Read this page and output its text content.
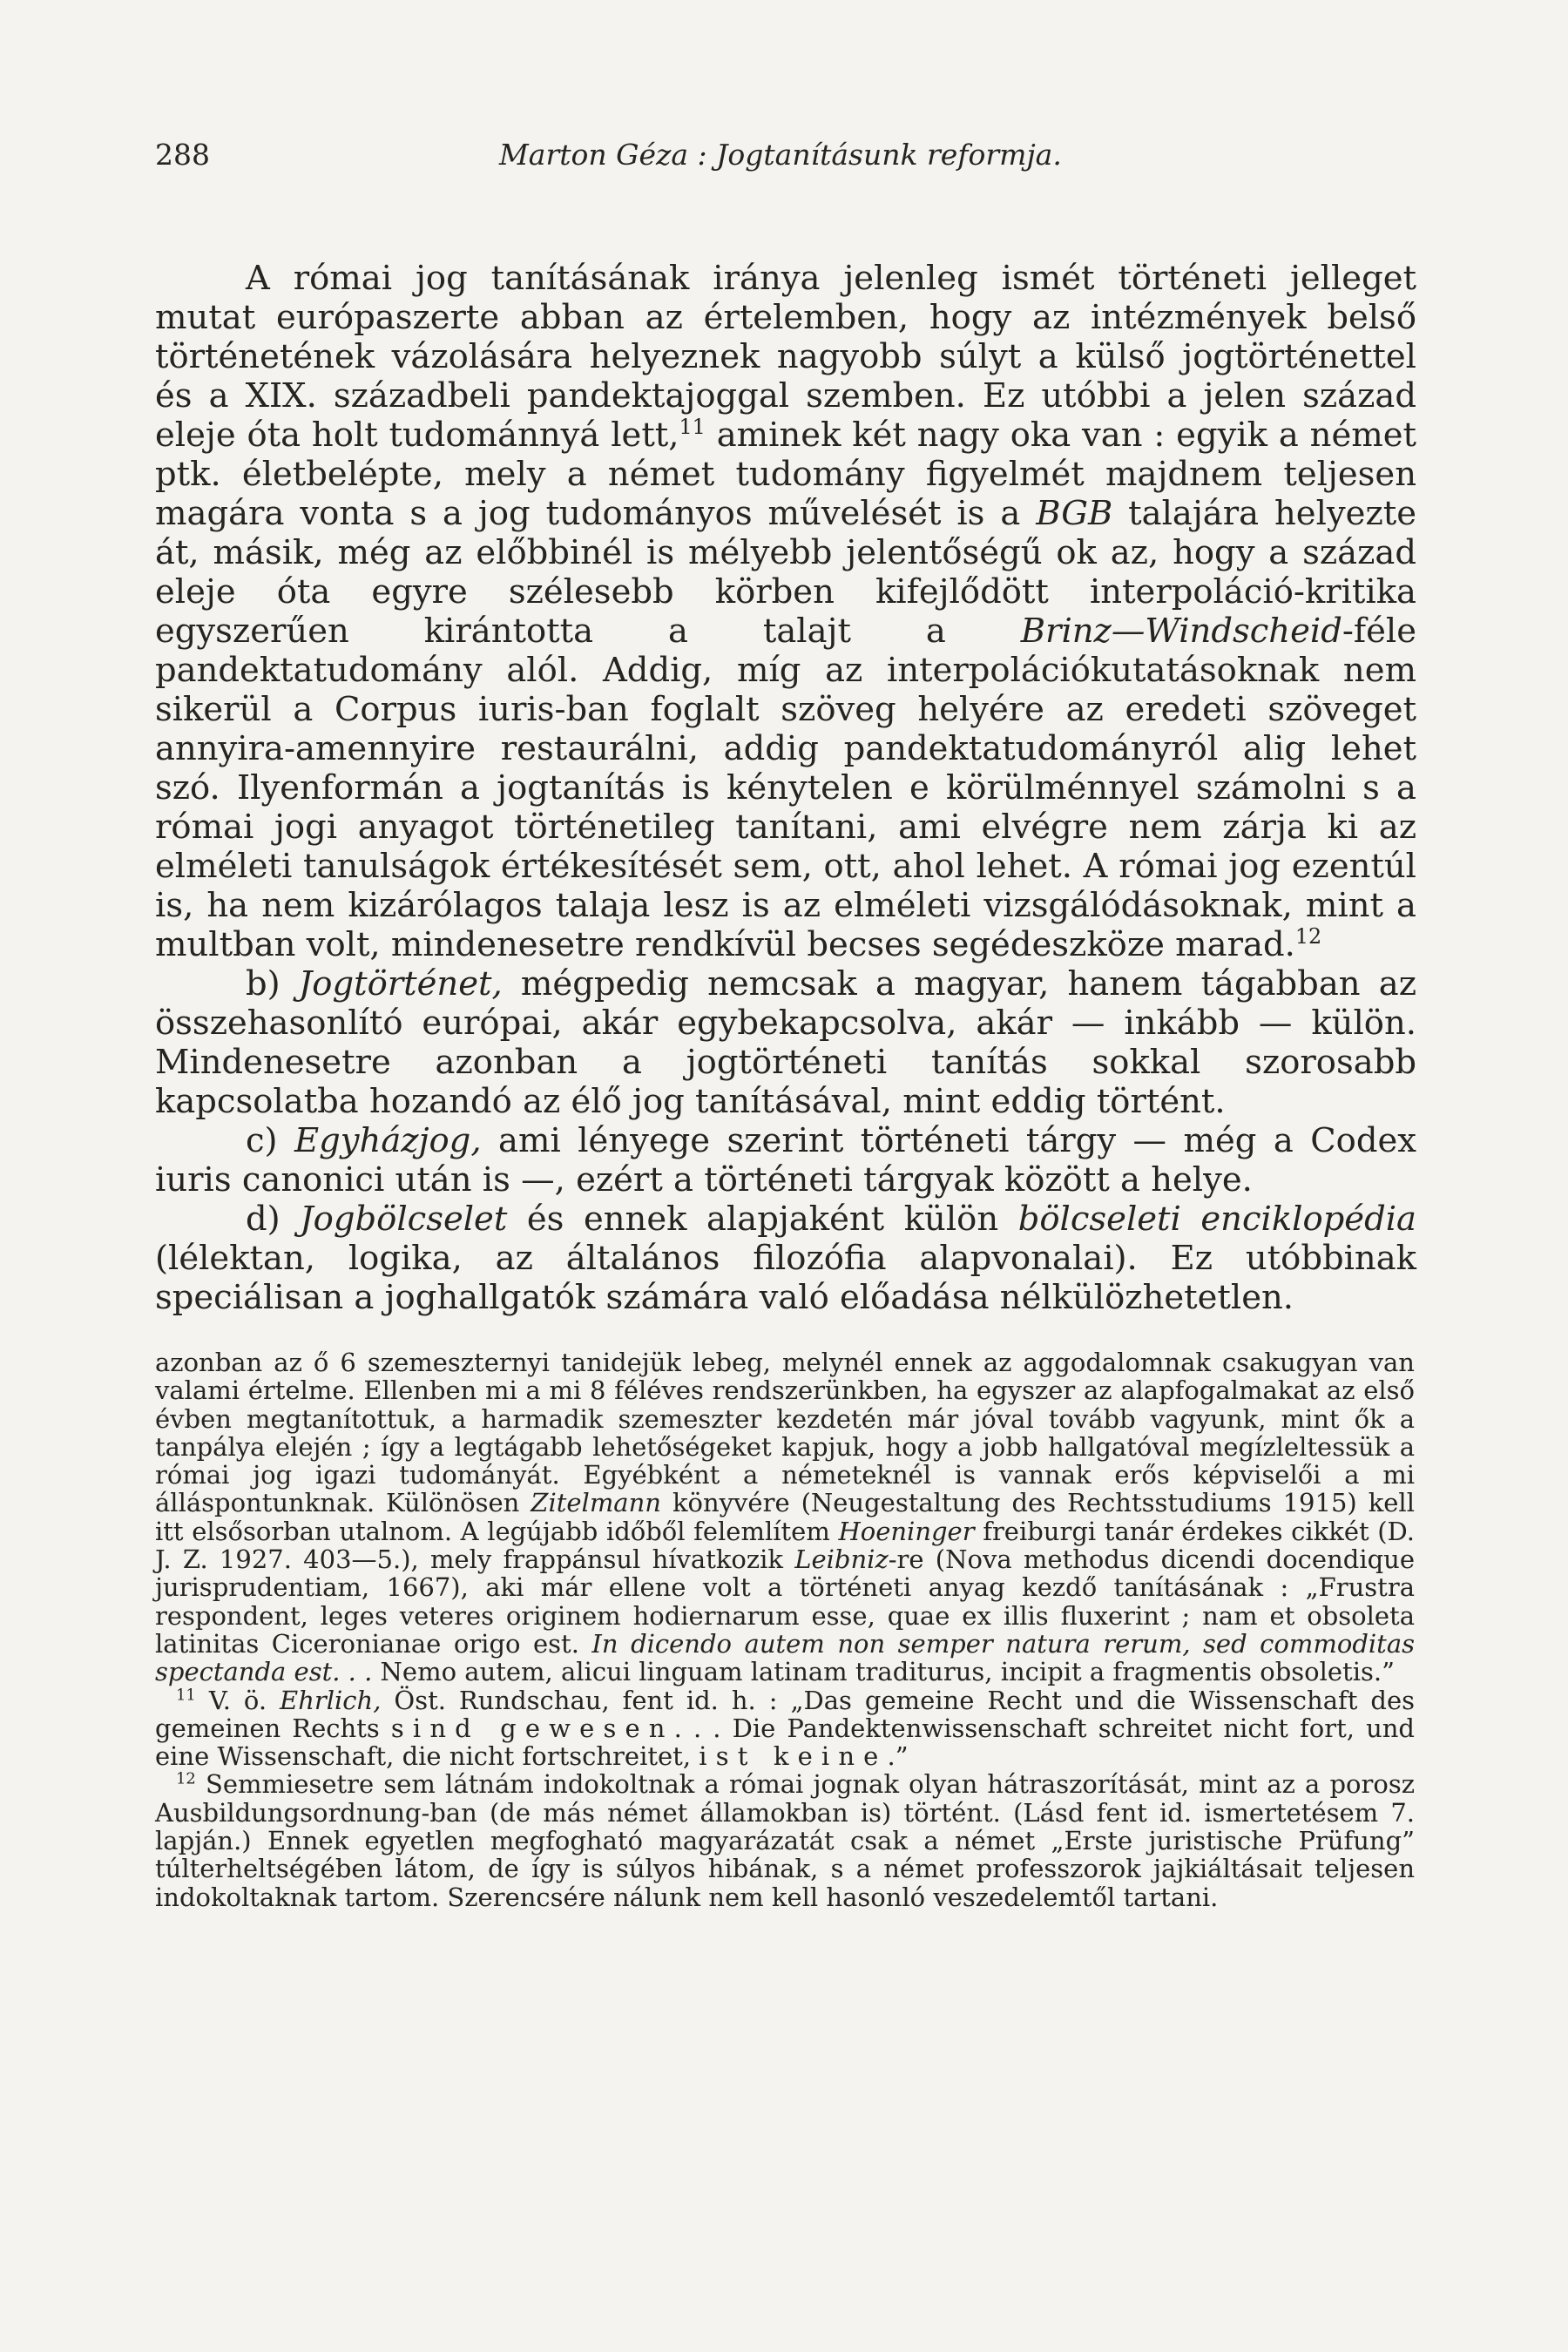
288	Marton Géza : Jogtanításunk reformja.

A római jog tanításának iránya jelenleg ismét történeti jelleget mutat európaszerte abban az értelemben, hogy az intézmények belső történetének vázolására helyeznek nagyobb súlyt a külső jogtörténettel és a XIX. századbeli pandektajoggal szemben. Ez utóbbi a jelen század eleje óta holt tudománnyá lett,$^{11}$ aminek két nagy oka van : egyik a német ptk. életbelépte, mely a német tudomány figyelmét majdnem teljesen magára vonta s a jog tudományos művelését is a BGB talajára helyezte át, másik, még az előbbinél is mélyebb jelentőségű ok az, hogy a század eleje óta egyre szélesebb körben kifejlődött interpoláció-kritika egyszerűen kirántotta a talajt a Brinz—Windscheid-féle pandektatudomány alól. Addig, míg az interpolációkutatásoknak nem sikerül a Corpus iuris-ban foglalt szöveg helyére az eredeti szöveget annyira-amennyire restaurálni, addig pandektatudományról alig lehet szó. Ilyenformán a jogtanítás is kénytelen e körülménnyel számolni s a római jogi anyagot történetileg tanítani, ami elvégre nem zárja ki az elméleti tanulságok értékesítését sem, ott, ahol lehet. A római jog ezentúl is, ha nem kizárólagos talaja lesz is az elméleti vizsgálódásoknak, mint a multban volt, mindenesetre rendkívül becses segédeszköze marad.$^{12}$

b) Jogtörténet, mégpedig nemcsak a magyar, hanem tágabban az összehasonlító európai, akár egybekapcsolva, akár — inkább — külön. Mindenesetre azonban a jogtörténeti tanítás sokkal szorosabb kapcsolatba hozandó az élő jog tanításával, mint eddig történt.

c) Egyházjog, ami lényege szerint történeti tárgy — még a Codex iuris canonici után is —, ezért a történeti tárgyak között a helye.

d) Jogbölcselet és ennek alapjaként külön bölcseleti enciklopédia (lélektan, logika, az általános filozófia alapvonalai). Ez utóbbinak speciálisan a joghallgatók számára való előadása nélkülözhetetlen.

azonban az ő 6 szemeszternyi tanidejük lebeg, melynél ennek az aggodalomnak csakugyan van valami értelme. Ellenben mi a mi 8 féléves rendszerünkben, ha egyszer az alapfogalmakat az első évben megtanítottuk, a harmadik szemeszter kezdetén már jóval tovább vagyunk, mint ők a tanpálya elején ; így a legtágabb lehetőségeket kapjuk, hogy a jobb hallgatóval megízleltessük a római jog igazi tudományát. Egyébként a németeknél is vannak erős képviselői a mi álláspontunknak. Különösen Zitelmann könyvére (Neugestaltung des Rechtsstudiums 1915) kell itt elsősorban utalnom. A legújabb időből felemlítem Hoeninger freiburgi tanár érdekes cikkét (D. J. Z. 1927. 403—5.), mely frappánsul hívatkozik Leibniz-re (Nova methodus dicendi docendique jurisprudentiam, 1667), aki már ellene volt a történeti anyag kezdő tanításának : „Frustra respondent, leges veteres originem hodiernarum esse, quae ex illis fluxerint ; nam et obsoleta latinitas Ciceronianae origo est. In dicendo autem non semper natura rerum, sed commoditas spectanda est. . . Nemo autem, alicui linguam latinam traditurus, incipit a fragmentis obsoletis.”

$^{11}$ V. ö. Ehrlich, Öst. Rundschau, fent id. h. : „Das gemeine Recht und die Wissenschaft des gemeinen Rechts sind gewesen. . . Die Pandektenwissenschaft schreitet nicht fort, und eine Wissenschaft, die nicht fortschreitet, ist keine.”

$^{12}$ Semmiesetre sem látnám indokoltnak a római jognak olyan hátraszorítását, mint az a porosz Ausbildungsordnung-ban (de más német államokban is) történt. (Lásd fent id. ismertetésem 7. lapján.) Ennek egyetlen megfogható magyarázatát csak a német „Erste juristische Prüfung” túlterheltségében látom, de így is súlyos hibának, s a német professzorok jajkiáltásait teljesen indokoltaknak tartom. Szerencsére nálunk nem kell hasonló veszedelemtől tartani.
